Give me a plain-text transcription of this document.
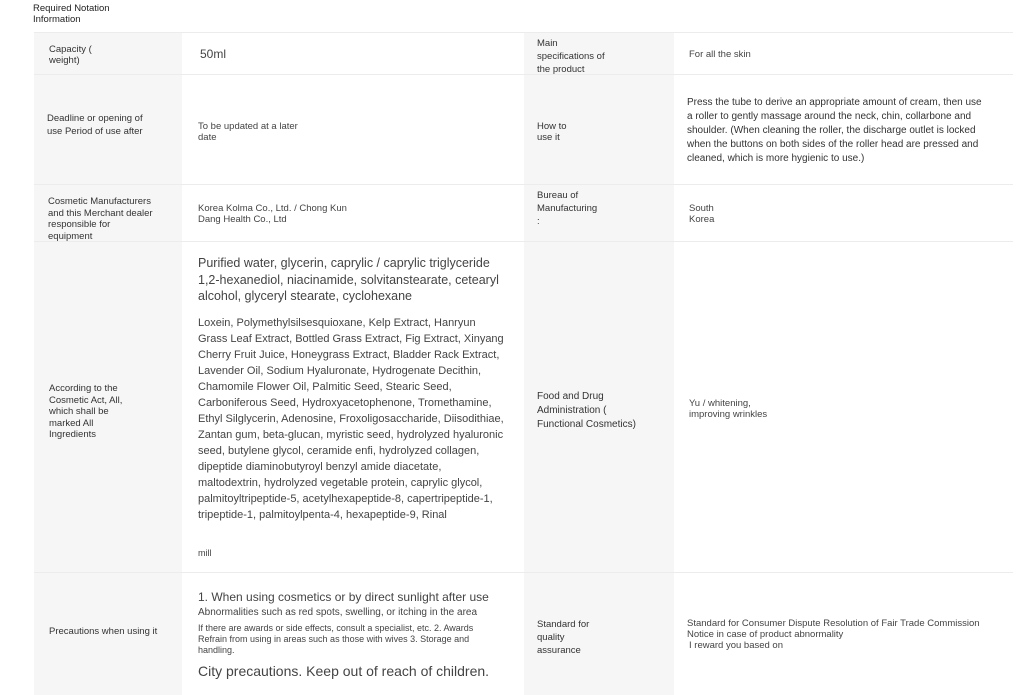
Required Notation Information
Capacity ( weight)	50ml
Main specifications of the product
For all the skin
Deadline or opening of use Period of use after	To be updated at a later date
How to use it
Press the tube to derive an appropriate amount of cream, then use a roller to gently massage around the neck, chin, collarbone and shoulder. (When cleaning the roller, the discharge outlet is locked when the buttons on both sides of the roller head are pressed and cleaned, which is more hygienic to use.)
Cosmetic Manufacturers and this Merchant dealer responsible for equipment
Korea Kolma Co., Ltd. / Chong Kun Dang Health Co., Ltd
Bureau of Manufacturing :
South Korea
According to the Cosmetic Act, All, which shall be marked All Ingredients
Purified water, glycerin, caprylic / caprylic triglyceride 1,2-hexanediol, niacinamide, solvitanstearate, cetearyl alcohol, glyceryl stearate, cyclohexane
Loxein, Polymethylsilsesquioxane, Kelp Extract, Hanryun Grass Leaf Extract, Bottled Grass Extract, Fig Extract, Xinyang Cherry Fruit Juice, Honeygrass Extract, Bladder Rack Extract, Lavender Oil, Sodium Hyaluronate, Hydrogenate Decithin, Chamomile Flower Oil, Palmitic Seed, Stearic Seed, Carboniferous Seed, Hydroxyacetophenone, Tromethamine, Ethyl Silglycerin, Adenosine, Froxoligosaccharide, Diisodithiae, Zantan gum, beta-glucan, myristic seed, hydrolyzed hyaluronic seed, butylene glycol, ceramide enfi, hydrolyzed collagen, dipeptide diaminobutyroyl benzyl amide diacetate, maltodextrin, hydrolyzed vegetable protein, caprylic glycol, palmitoyltripeptide-5, acetylhexapeptide-8, capertripeptide-1, tripeptide-1, palmitoylpenta-4, hexapeptide-9, Rinal
mill
Food and Drug Administration ( Functional Cosmetics)
Yu / whitening, improving wrinkles
Precautions when using it
1. When using cosmetics or by direct sunlight after use
Abnormalities such as red spots, swelling, or itching in the area
If there are awards or side effects, consult a specialist, etc. 2. Awards Refrain from using in areas such as those with wives 3. Storage and handling.
City precautions. Keep out of reach of children.
Standard for quality assurance
Standard for Consumer Dispute Resolution of Fair Trade Commission Notice in case of product abnormality
I reward you based on
